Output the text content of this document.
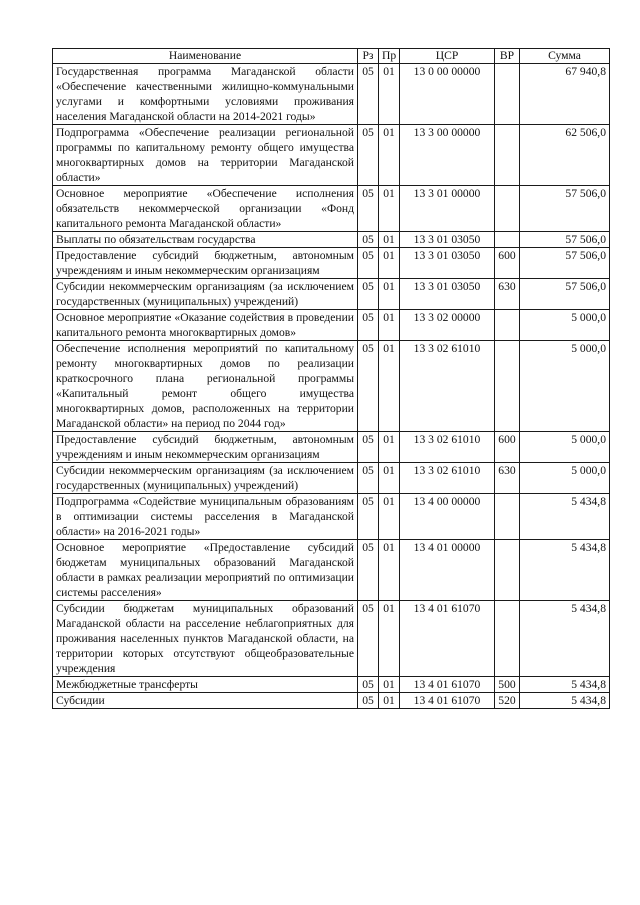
Наименование	Рз	Пр	ЦСР	ВР	Сумма
Государственная программа Магаданской области «Обеспечение качественными жилищно-коммунальными услугами и комфортными условиями проживания населения Магаданской области на 2014-2021 годы»	05	01	13 0 00 00000		67 940,8
Подпрограмма «Обеспечение реализации региональной программы по капитальному ремонту общего имущества многоквартирных домов на территории Магаданской области»	05	01	13 3 00 00000		62 506,0
Основное мероприятие «Обеспечение исполнения обязательств некоммерческой организации «Фонд капитального ремонта Магаданской области»	05	01	13 3 01 00000		57 506,0
Выплаты по обязательствам государства	05	01	13 3 01 03050		57 506,0
Предоставление субсидий бюджетным, автономным учреждениям и иным некоммерческим организациям	05	01	13 3 01 03050	600	57 506,0
Субсидии некоммерческим организациям (за исключением государственных (муниципальных) учреждений)	05	01	13 3 01 03050	630	57 506,0
Основное мероприятие «Оказание содействия в проведении капитального ремонта многоквартирных домов»	05	01	13 3 02 00000		5 000,0
Обеспечение исполнения мероприятий по капитальному ремонту многоквартирных домов по реализации краткосрочного плана региональной программы «Капитальный ремонт общего имущества многоквартирных домов, расположенных на территории Магаданской области» на период по 2044 год»	05	01	13 3 02 61010		5 000,0
Предоставление субсидий бюджетным, автономным учреждениям и иным некоммерческим организациям	05	01	13 3 02 61010	600	5 000,0
Субсидии некоммерческим организациям (за исключением государственных (муниципальных) учреждений)	05	01	13 3 02 61010	630	5 000,0
Подпрограмма «Содействие муниципальным образованиям в оптимизации системы расселения в Магаданской области» на 2016-2021 годы»	05	01	13 4 00 00000		5 434,8
Основное мероприятие «Предоставление субсидий бюджетам муниципальных образований Магаданской области в рамках реализации мероприятий по оптимизации системы расселения»	05	01	13 4 01 00000		5 434,8
Субсидии бюджетам муниципальных образований Магаданской области на расселение неблагоприятных для проживания населенных пунктов Магаданской области, на территории которых отсутствуют общеобразовательные учреждения	05	01	13 4 01 61070		5 434,8
Межбюджетные трансферты	05	01	13 4 01 61070	500	5 434,8
Субсидии	05	01	13 4 01 61070	520	5 434,8
